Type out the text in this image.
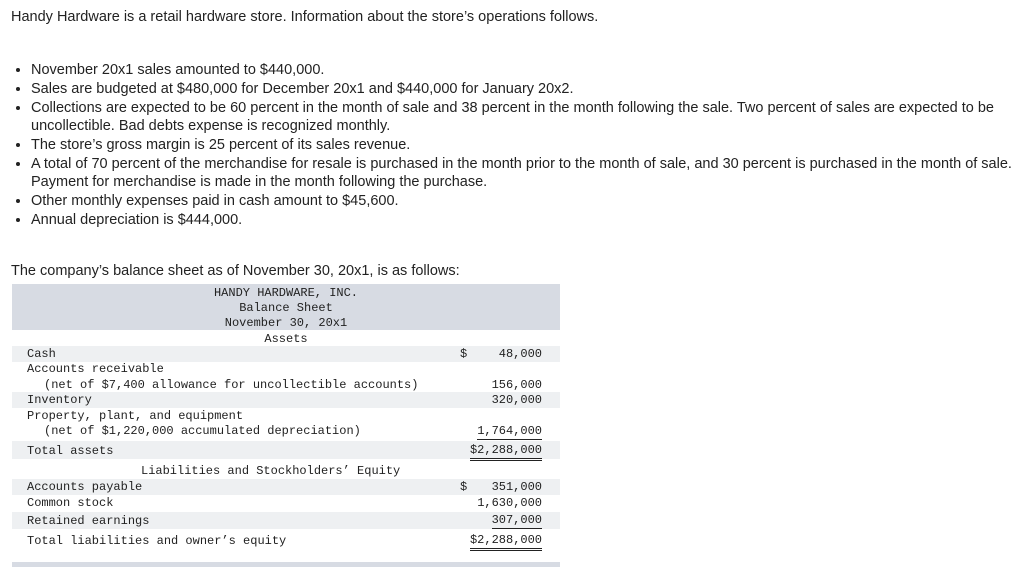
Handy Hardware is a retail hardware store. Information about the store’s operations follows.

• November 20x1 sales amounted to $440,000.
• Sales are budgeted at $480,000 for December 20x1 and $440,000 for January 20x2.
• Collections are expected to be 60 percent in the month of sale and 38 percent in the month following the sale. Two percent of sales are expected to be uncollectible. Bad debts expense is recognized monthly.
• The store’s gross margin is 25 percent of its sales revenue.
• A total of 70 percent of the merchandise for resale is purchased in the month prior to the month of sale, and 30 percent is purchased in the month of sale. Payment for merchandise is made in the month following the purchase.
• Other monthly expenses paid in cash amount to $45,600.
• Annual depreciation is $444,000.

The company’s balance sheet as of November 30, 20x1, is as follows:

HANDY HARDWARE, INC.
Balance Sheet
November 30, 20x1
Assets
Cash	$	48,000
Accounts receivable
(net of $7,400 allowance for uncollectible accounts)	156,000
Inventory	320,000
Property, plant, and equipment
(net of $1,220,000 accumulated depreciation)	1,764,000
Total assets	$2,288,000
Liabilities and Stockholders’ Equity
Accounts payable	$	351,000
Common stock	1,630,000
Retained earnings	307,000
Total liabilities and owner’s equity	$2,288,000
